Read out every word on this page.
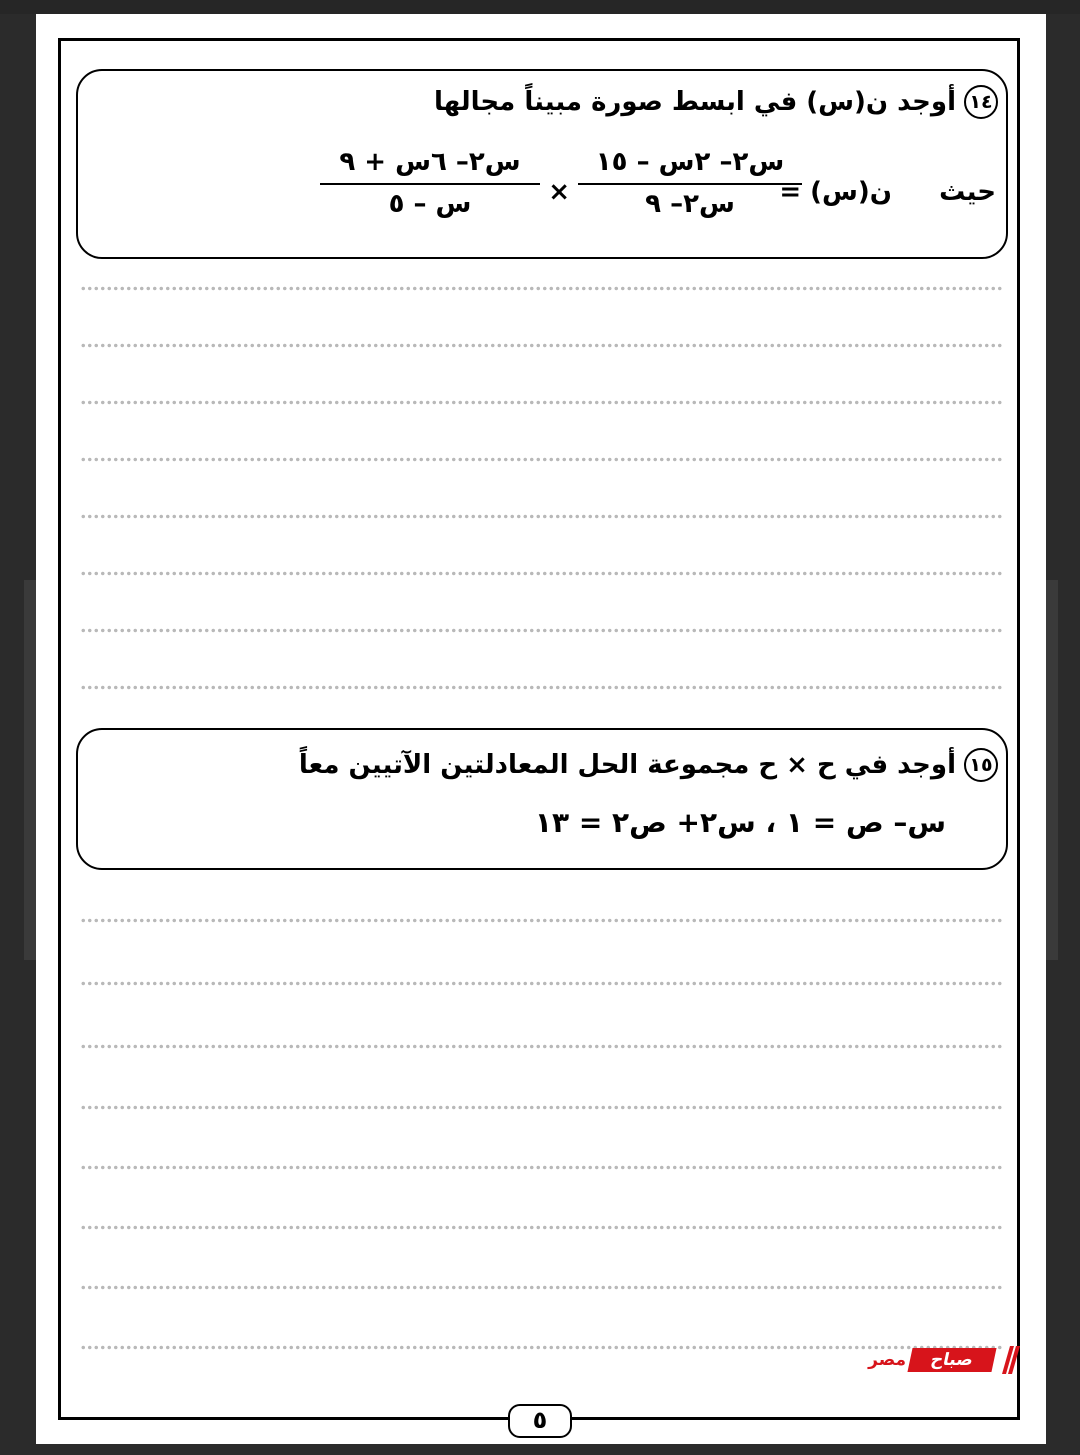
١٤
أوجد ﻥ(س) في ابسط صورة مبيناً مجالها
حيث
ﻥ(س) =
س٢– ٢س – ١٥
س٢– ٩
×
س٢– ٦س + ٩
س – ٥
١٥
أوجد في ح × ح مجموعة الحل المعادلتين الآتيين معاً
س– ص = ١ ، س٢+ ص٢ = ١٣
صباح
مصر
٥
